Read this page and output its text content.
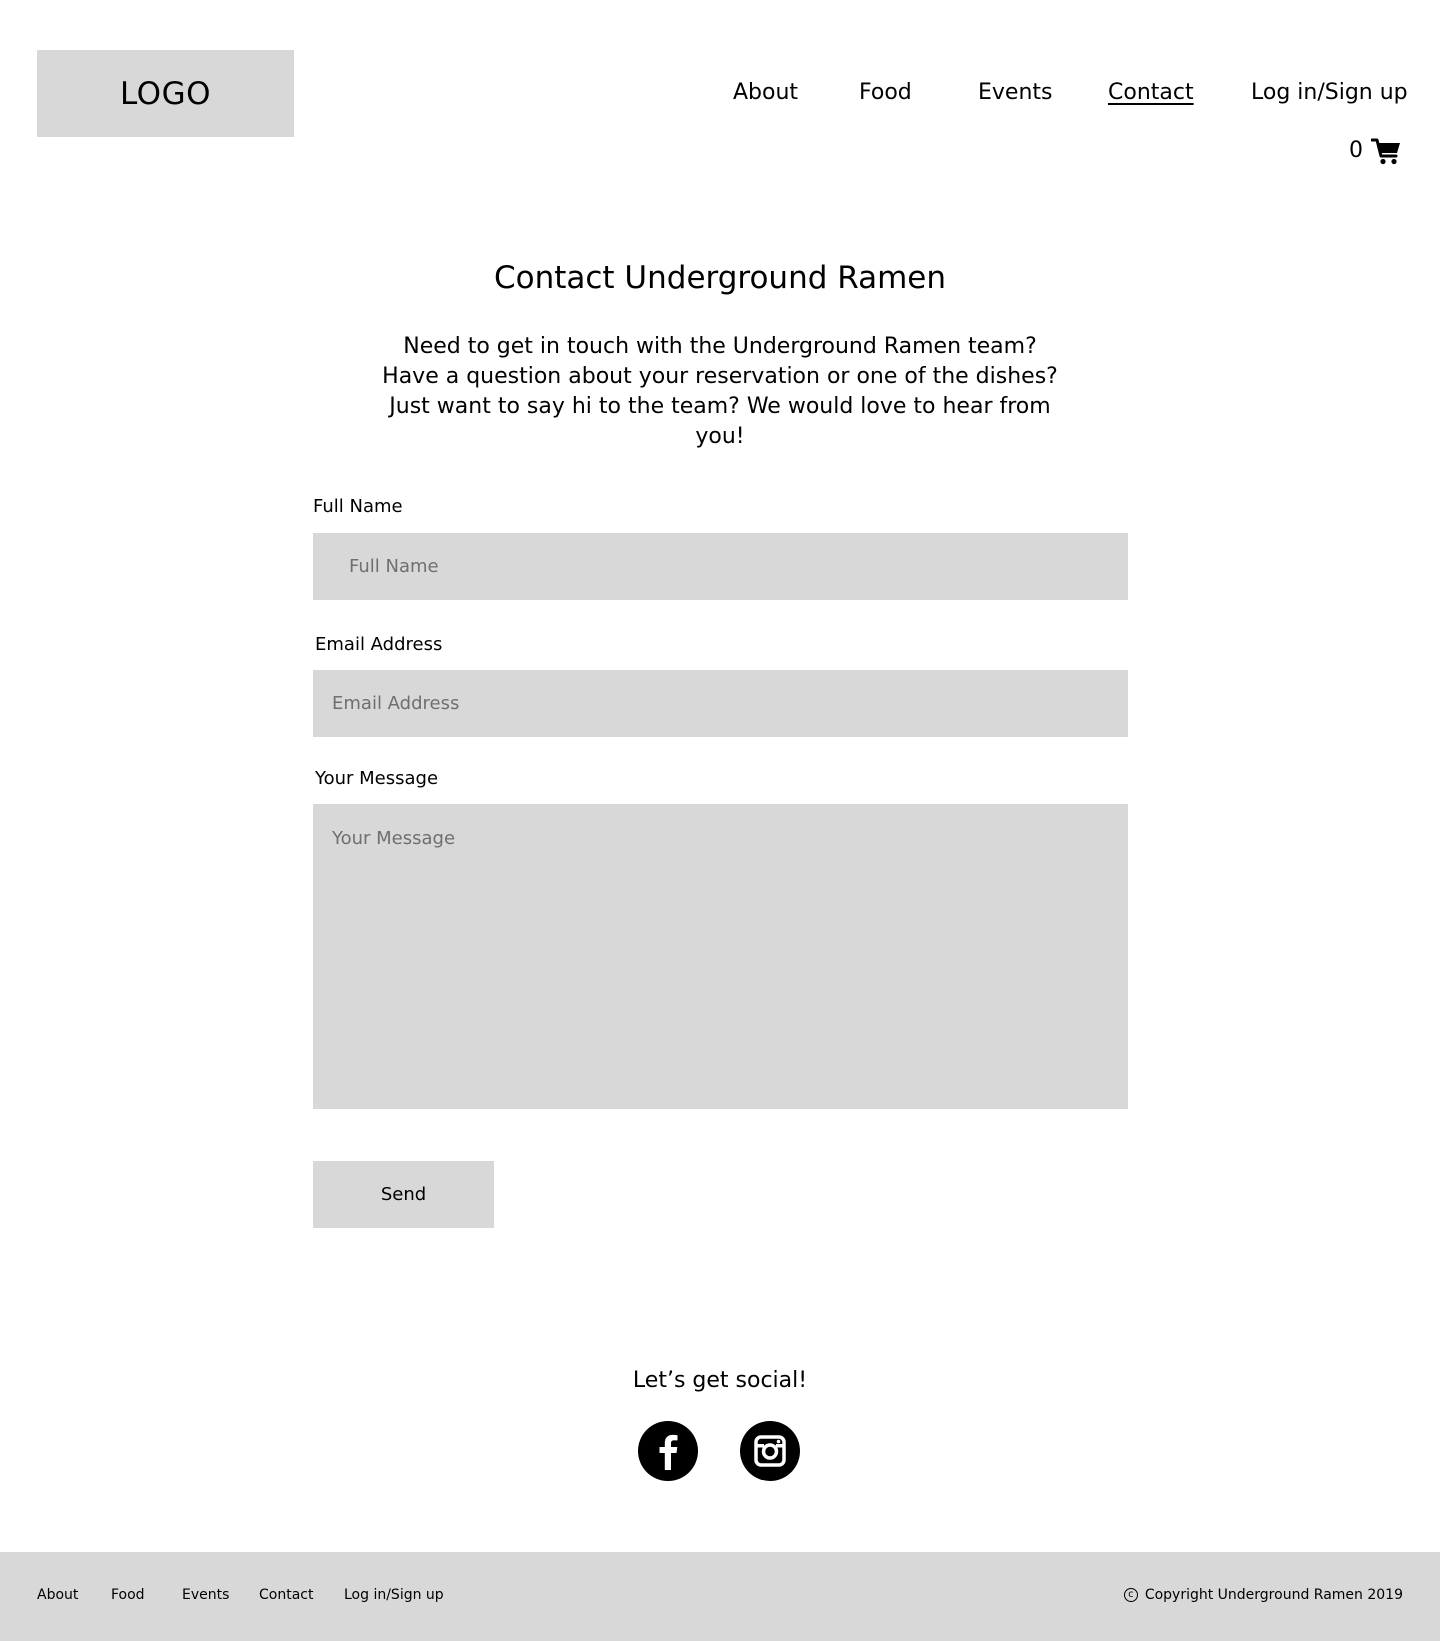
LOGO	About	Food	Events	Contact	Log in/Sign up
0
Contact Underground Ramen

Need to get in touch with the Underground Ramen team? Have a question about your reservation or one of the dishes? Just want to say hi to the team? We would love to hear from you!

Full Name
Full Name
Email Address
Email Address
Your Message
Your Message
Send
Let’s get social!
About Food	Events Contact Log in/Sign up	c Copyright Underground Ramen 2019
